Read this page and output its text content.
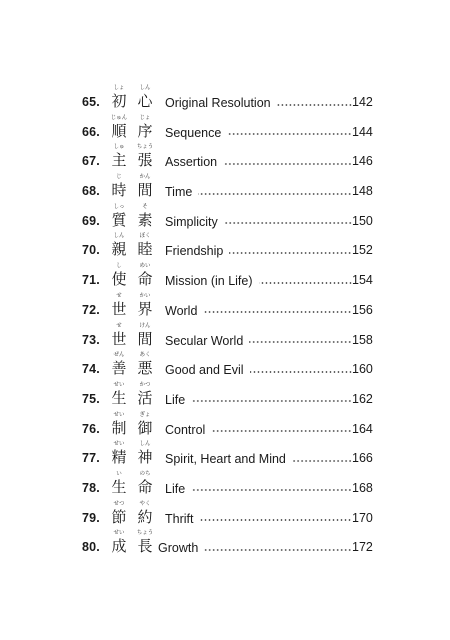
65.
しょ	しん
初 心 Original Resolution	142
66.
じゅん	じょ
順 序 Sequence	144
67.
しゅ	ちょう
主 張 Assertion	146
68.
じ	かん
時 間 Time	148
69.
しっ	そ
質 素 Simplicity	150
70.
しん	ぼく
親 睦 Friendship	152
71.
し	めい
使 命 Mission (in Life)	154
72.
せ	かい
世 界 World	156
73.
せ	けん
世 間 Secular World	158
74.
ぜん	あく
善 悪 Good and Evil	160
75.
せい	かつ
生 活 Life	162
76.
せい	ぎょ
制 御 Control	164
77.
せい	しん
精 神 Spirit, Heart and Mind	166
78.
い	のち
生 命 Life	168
79.
せつ	やく
節 約 Thrift	170
80.
せい	ちょう
成 長 Growth	172
